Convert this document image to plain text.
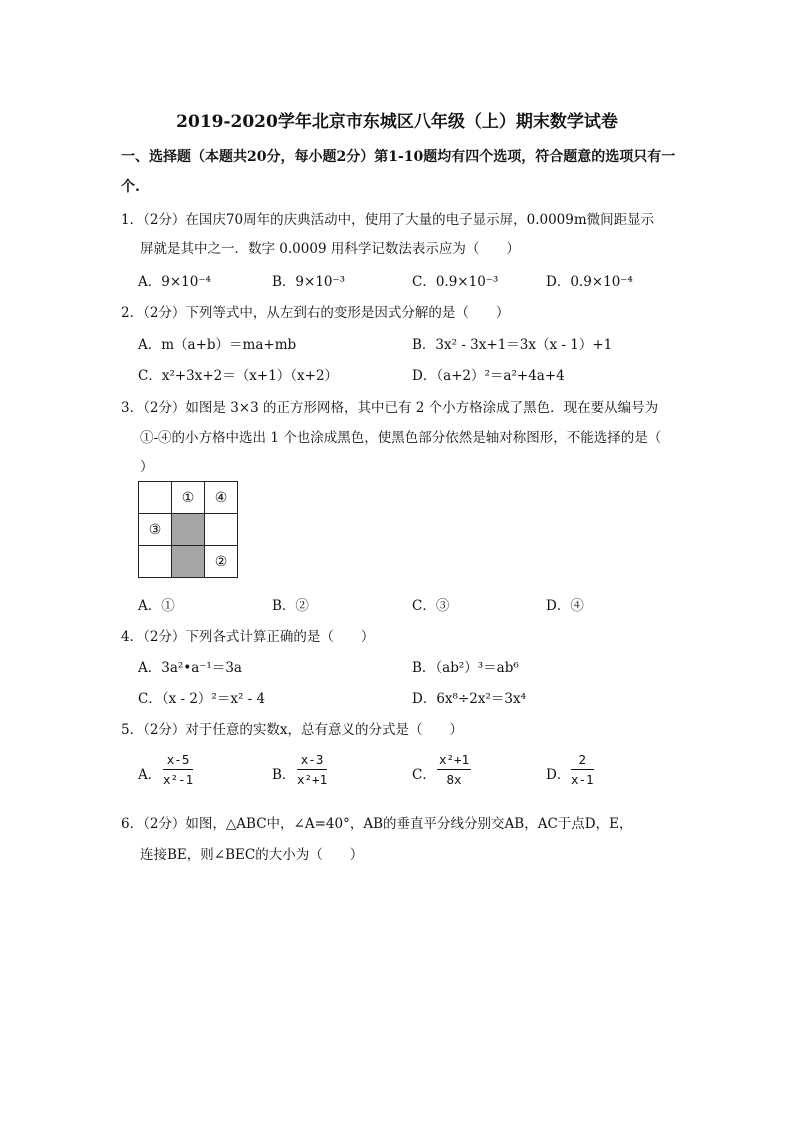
2019-2020学年北京市东城区八年级（上）期末数学试卷
一、选择题（本题共20分，每小题2分）第1-10题均有四个选项，符合题意的选项只有一
个.
1．（2分）在国庆70周年的庆典活动中，使用了大量的电子显示屏，0.0009m微间距显示
屏就是其中之一．数字 0.0009 用科学记数法表示应为（　　）
A．9×10⁻⁴	B．9×10⁻³	C．0.9×10⁻³	D．0.9×10⁻⁴
2．（2分）下列等式中，从左到右的变形是因式分解的是（　　）
A．m（a+b）＝ma+mb	B．3x² - 3x+1＝3x（x - 1）+1
C．x²+3x+2＝（x+1）（x+2）	D．（a+2）²＝a²+4a+4
3．（2分）如图是 3×3 的正方形网格，其中已有 2 个小方格涂成了黑色．现在要从编号为
①-④的小方格中选出 1 个也涂成黑色，使黑色部分依然是轴对称图形，不能选择的是（
）
	①	④
③		
		②
A．①	B．②	C．③	D．④
4．（2分）下列各式计算正确的是（　　）
A．3a²•a⁻¹＝3a	B．（ab²）³＝ab⁶
C．（x - 2）²＝x² - 4	D．6x⁸÷2x²＝3x⁴
5．（2分）对于任意的实数x，总有意义的分式是（　　）
A． $\frac{x-5}{\text{x²-1}}$	B． $\frac{x-3}{\text{x²+1}}$	C． $\frac{\text{x²+1}}{8x}$	D． $\frac{2}{x-1}$
6．（2分）如图，△ABC中，∠A=40°，AB的垂直平分线分别交AB，AC于点D，E，
连接BE，则∠BEC的大小为（　　）
